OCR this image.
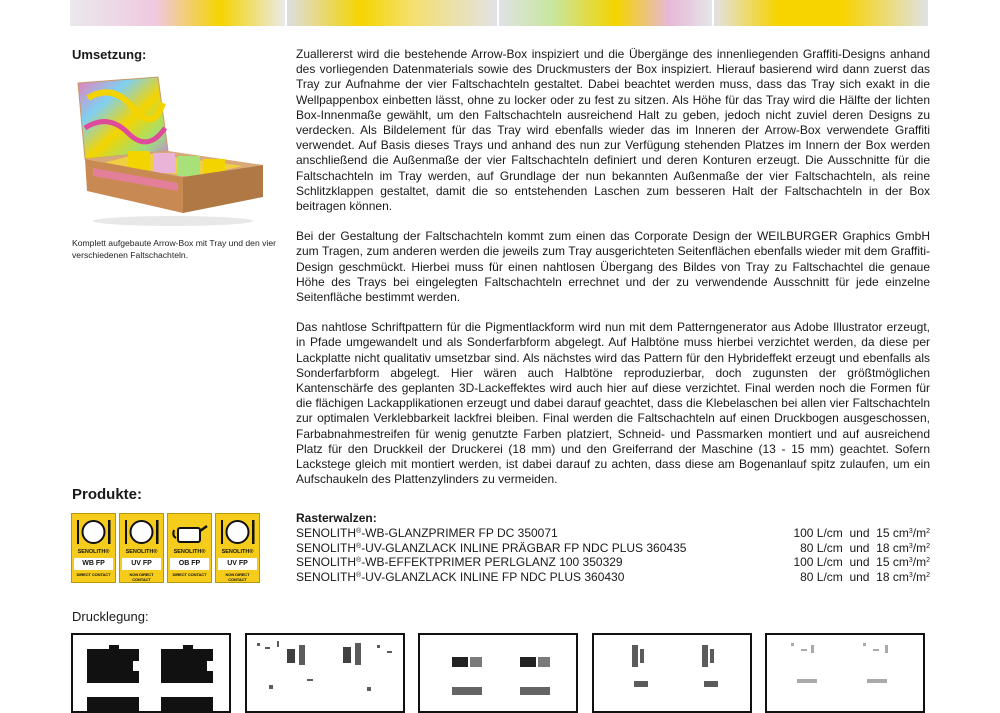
Umsetzung:
Komplett aufgebaute Arrow-Box mit Tray und den vier verschiedenen Faltschachteln.

Zuallererst wird die bestehende Arrow-Box inspiziert und die Übergänge des innenliegenden Graffiti-Designs anhand des vorliegenden Datenmaterials sowie des Druckmusters der Box inspiziert. Hierauf basierend wird dann zuerst das Tray zur Aufnahme der vier Faltschachteln gestaltet. Dabei beachtet werden muss, dass das Tray sich exakt in die Wellpappenbox einbetten lässt, ohne zu locker oder zu fest zu sitzen. Als Höhe für das Tray wird die Hälfte der lichten Box-Innenmaße gewählt, um den Faltschachteln ausreichend Halt zu geben, jedoch nicht zuviel deren Designs zu verdecken. Als Bildelement für das Tray wird ebenfalls wieder das im Inneren der Arrow-Box verwendete Graffiti verwendet. Auf Basis dieses Trays und anhand des nun zur Verfügung stehenden Platzes im Innern der Box werden anschließend die Außenmaße der vier Faltschachteln definiert und deren Konturen erzeugt. Die Ausschnitte für die Faltschachteln im Tray werden, auf Grundlage der nun bekannten Außenmaße der vier Faltschachteln, als reine Schlitzklappen gestaltet, damit die so entstehenden Laschen zum besseren Halt der Faltschachteln in der Box beitragen können.

Bei der Gestaltung der Faltschachteln kommt zum einen das Corporate Design der WEILBURGER Graphics GmbH zum Tragen, zum anderen werden die jeweils zum Tray ausgerichteten Seitenflächen ebenfalls wieder mit dem Graffiti-Design geschmückt. Hierbei muss für einen nahtlosen Übergang des Bildes von Tray zu Faltschachtel die genaue Höhe des Trays bei eingelegten Faltschachteln errechnet und der zu verwendende Ausschnitt für jede einzelne Seitenfläche bestimmt werden.

Das nahtlose Schriftpattern für die Pigmentlackform wird nun mit dem Patterngenerator aus Adobe Illustrator erzeugt, in Pfade umgewandelt und als Sonderfarbform abgelegt. Auf Halbtöne muss hierbei verzichtet werden, da diese per Lackplatte nicht qualitativ umsetzbar sind. Als nächstes wird das Pattern für den Hybrideffekt erzeugt und ebenfalls als Sonderfarbform abgelegt. Hier wären auch Halbtöne reproduzierbar, doch zugunsten der größtmöglichen Kantenschärfe des geplanten 3D-Lackeffektes wird auch hier auf diese verzichtet. Final werden noch die Formen für die flächigen Lackapplikationen erzeugt und dabei darauf geachtet, dass die Klebelaschen bei allen vier Faltschachteln zur optimalen Verklebbarkeit lackfrei bleiben. Final werden die Faltschachteln auf einen Druckbogen ausgeschossen, Farbabnahmestreifen für wenig genutzte Farben platziert, Schneid- und Passmarken montiert und auf ausreichend Platz für den Druckkeil der Druckerei (18 mm) und den Greiferrand der Maschine (13 - 15 mm) geachtet. Sofern Lackstege gleich mit montiert werden, ist dabei darauf zu achten, dass diese am Bogenanlauf spitz zulaufen, um ein Aufschaukeln des Plattenzylinders zu vermeiden.

Produkte:
SENOLITH®
WB FP
DIRECT CONTACT
SENOLITH®
UV FP
NON DIRECT CONTACT
SENOLITH®
OB FP
DIRECT CONTACT
SENOLITH®
UV FP
NON DIRECT CONTACT
Rasterwalzen:
SENOLITH®-WB-GLANZPRIMER FP DC 350071	100 L/cm  und  15 $cm^3/m^2$
SENOLITH®-UV-GLANZLACK INLINE PRÄGBAR FP NDC PLUS 360435	80 L/cm  und  18 $cm^3/m^2$
SENOLITH®-WB-EFFEKTPRIMER PERLGLANZ 100 350329	100 L/cm  und  15 $cm^3/m^2$
SENOLITH®-UV-GLANZLACK INLINE FP NDC PLUS 360430	80 L/cm  und  18 $cm^3/m^2$
Drucklegung:
